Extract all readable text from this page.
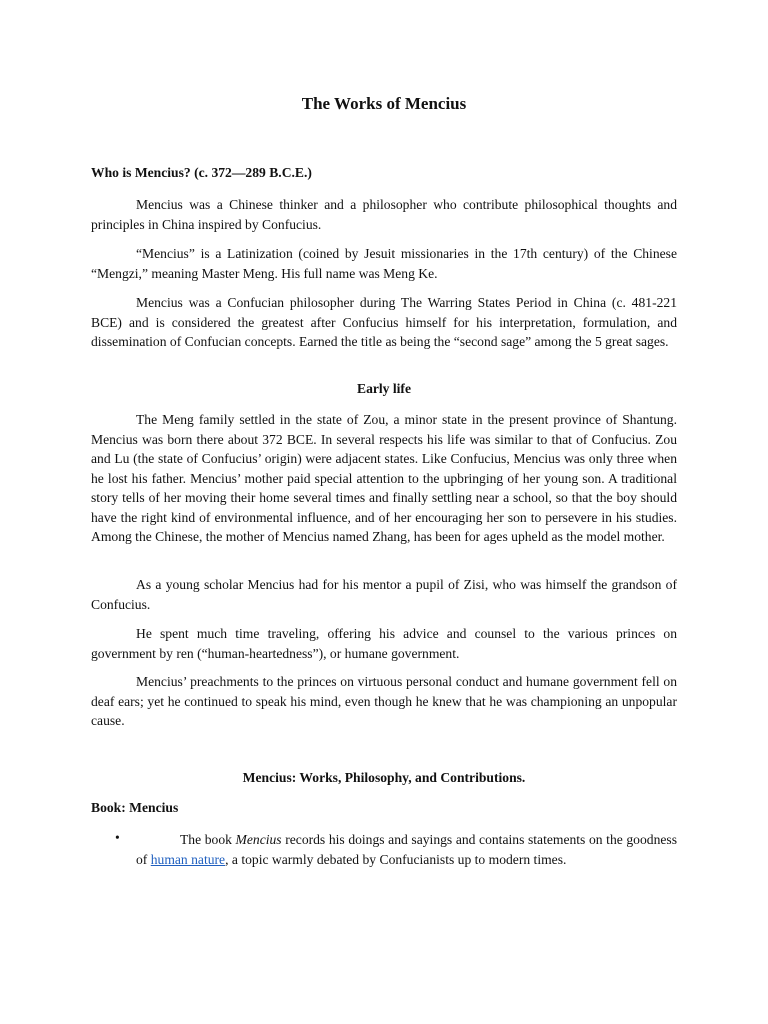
The Works of Mencius
Who is Mencius? (c. 372—289 B.C.E.)

Mencius was a Chinese thinker and a philosopher who contribute philosophical thoughts and principles in China inspired by Confucius.

“Mencius” is a Latinization (coined by Jesuit missionaries in the 17th century) of the Chinese “Mengzi,” meaning Master Meng. His full name was Meng Ke.

Mencius was a Confucian philosopher during The Warring States Period in China (c. 481-221 BCE) and is considered the greatest after Confucius himself for his interpretation, formulation, and dissemination of Confucian concepts. Earned the title as being the “second sage” among the 5 great sages.

Early life

The Meng family settled in the state of Zou, a minor state in the present province of Shantung. Mencius was born there about 372 BCE. In several respects his life was similar to that of Confucius. Zou and Lu (the state of Confucius’ origin) were adjacent states. Like Confucius, Mencius was only three when he lost his father. Mencius’ mother paid special attention to the upbringing of her young son. A traditional story tells of her moving their home several times and finally settling near a school, so that the boy should have the right kind of environmental influence, and of her encouraging her son to persevere in his studies. Among the Chinese, the mother of Mencius named Zhang, has been for ages upheld as the model mother.

As a young scholar Mencius had for his mentor a pupil of Zisi, who was himself the grandson of Confucius.

He spent much time traveling, offering his advice and counsel to the various princes on government by ren (“human-heartedness”), or humane government.

Mencius’ preachments to the princes on virtuous personal conduct and humane government fell on deaf ears; yet he continued to speak his mind, even though he knew that he was championing an unpopular cause.

Mencius: Works, Philosophy, and Contributions.
Book: Mencius
•	The book Mencius records his doings and sayings and contains statements on the goodness of human nature, a topic warmly debated by Confucianists up to modern times.
